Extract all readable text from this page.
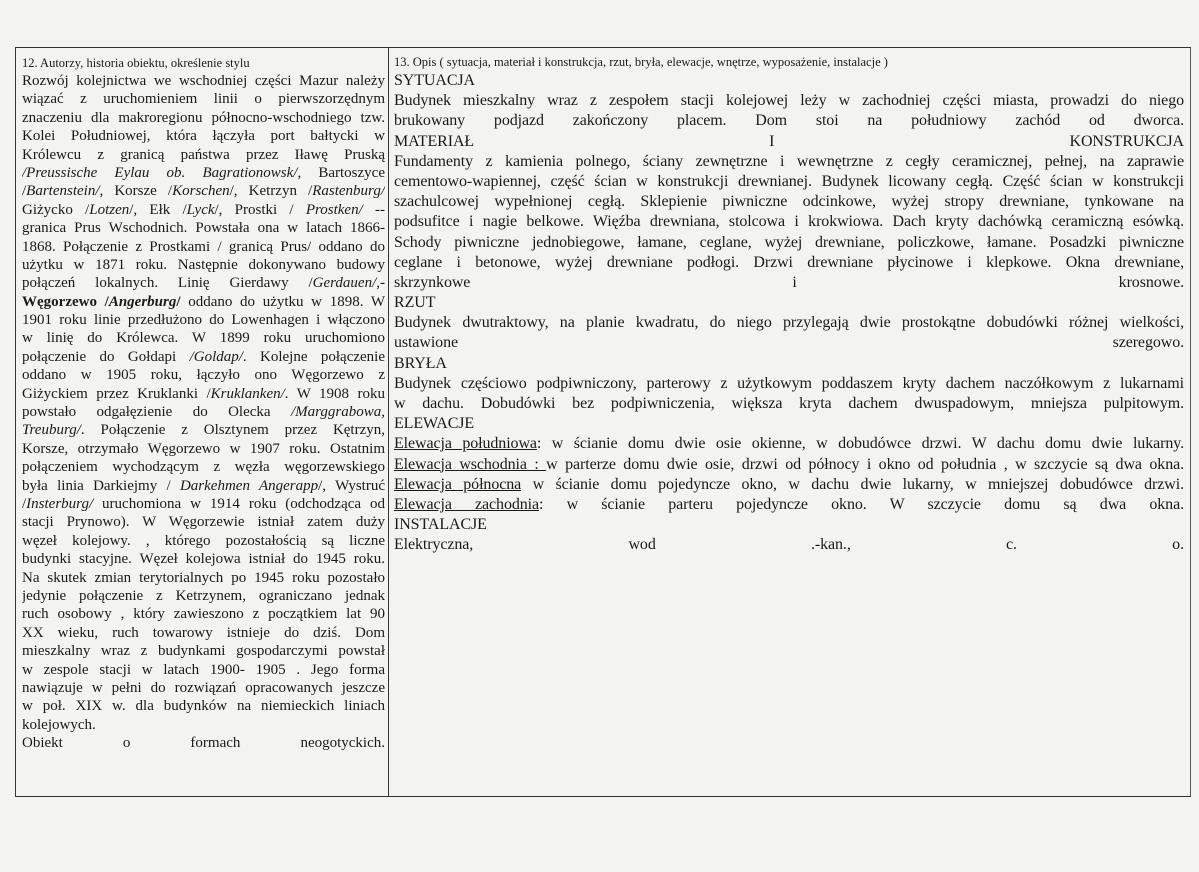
12. Autorzy, historia obiektu, określenie stylu
Rozwój kolejnictwa we wschodniej części Mazur należy
wiązać z uruchomieniem linii o pierwszorzędnym
znaczeniu dla makroregionu północno-wschodniego tzw.
Kolei Południowej, która łączyła port bałtycki w
Królewcu z granicą państwa przez Iławę Pruską
/Preussische Eylau ob. Bagrationowsk/, Bartoszyce
/Bartenstein/, Korsze /Korschen/, Ketrzyn /Rastenburg/
Giżycko /Lotzen/, Ełk /Lyck/, Prostki / Prostken/ --
granica Prus Wschodnich. Powstała ona w latach 1866-
1868. Połączenie z Prostkami / granicą Prus/ oddano do
użytku w 1871 roku. Następnie dokonywano budowy
połączeń lokalnych. Linię Gierdawy /Gerdauen/,-
Węgorzewo /Angerburg/ oddano do użytku w 1898. W
1901 roku linie przedłużono do Lowenhagen i włączono
w linię do Królewca. W 1899 roku uruchomiono
połączenie do Gołdapi /Goldap/. Kolejne połączenie
oddano w 1905 roku, łączyło ono Węgorzewo z
Giżyckiem przez Kruklanki /Kruklanken/. W 1908 roku
powstało odgałęzienie do Olecka /Marggrabowa,
Treuburg/. Połączenie z Olsztynem przez Kętrzyn,
Korsze, otrzymało Węgorzewo w 1907 roku. Ostatnim
połączeniem wychodzącym z węzła węgorzewskiego
była linia Darkiejmy / Darkehmen Angerapp/, Wystruć
/Insterburg/ uruchomiona w 1914 roku (odchodząca od
stacji Prynowo). W Węgorzewie istniał zatem duży
węzeł kolejowy. , którego pozostałością są liczne
budynki stacyjne. Węzeł kolejowa istniał do 1945 roku.
Na skutek zmian terytorialnych po 1945 roku pozostało
jedynie połączenie z Ketrzynem, ograniczano jednak
ruch osobowy , który zawieszono z początkiem lat 90
XX wieku, ruch towarowy istnieje do dziś. Dom
mieszkalny wraz z budynkami gospodarczymi powstał
w zespole stacji w latach 1900- 1905 . Jego forma
nawiązuje w pełni do rozwiązań opracowanych jeszcze
w poł. XIX w. dla budynków na niemieckich liniach
kolejowych.
Obiekt o formach neogotyckich.
13. Opis ( sytuacja, materiał i konstrukcja, rzut, bryła, elewacje, wnętrze, wyposażenie, instalacje )
SYTUACJA
Budynek mieszkalny wraz z zespołem stacji kolejowej leży w zachodniej części miasta, prowadzi do niego
brukowany podjazd zakończony placem. Dom stoi na południowy zachód od dworca.
MATERIAŁ I KONSTRUKCJA
Fundamenty z kamienia polnego, ściany zewnętrzne i wewnętrzne z cegły ceramicznej, pełnej, na zaprawie
cementowo-wapiennej, część ścian w konstrukcji drewnianej. Budynek licowany cegłą. Część ścian w konstrukcji
szachulcowej wypełnionej cegłą. Sklepienie piwniczne odcinkowe, wyżej stropy drewniane, tynkowane na
podsufitce i nagie belkowe. Więźba drewniana, stolcowa i krokwiowa. Dach kryty dachówką ceramiczną esówką.
Schody piwniczne jednobiegowe, łamane, ceglane, wyżej drewniane, policzkowe, łamane. Posadzki piwniczne
ceglane i betonowe, wyżej drewniane podłogi. Drzwi drewniane płycinowe i klepkowe. Okna drewniane,
skrzynkowe i krosnowe.
RZUT
Budynek dwutraktowy, na planie kwadratu, do niego przylegają dwie prostokątne dobudówki różnej wielkości,
ustawione szeregowo.
BRYŁA
Budynek częściowo podpiwniczony, parterowy z użytkowym poddaszem kryty dachem naczółkowym z lukarnami
w dachu. Dobudówki bez podpiwniczenia, większa kryta dachem dwuspadowym, mniejsza pulpitowym.
ELEWACJE
Elewacja południowa: w ścianie domu dwie osie okienne, w dobudówce drzwi. W dachu domu dwie lukarny.
Elewacja wschodnia : w parterze domu dwie osie, drzwi od północy i okno od południa , w szczycie są dwa okna.
Elewacja północna w ścianie domu pojedyncze okno, w dachu dwie lukarny, w mniejszej dobudówce drzwi.
Elewacja zachodnia: w ścianie parteru pojedyncze okno. W szczycie domu są dwa okna.
INSTALACJE
Elektryczna, wod .-kan., c. o.
